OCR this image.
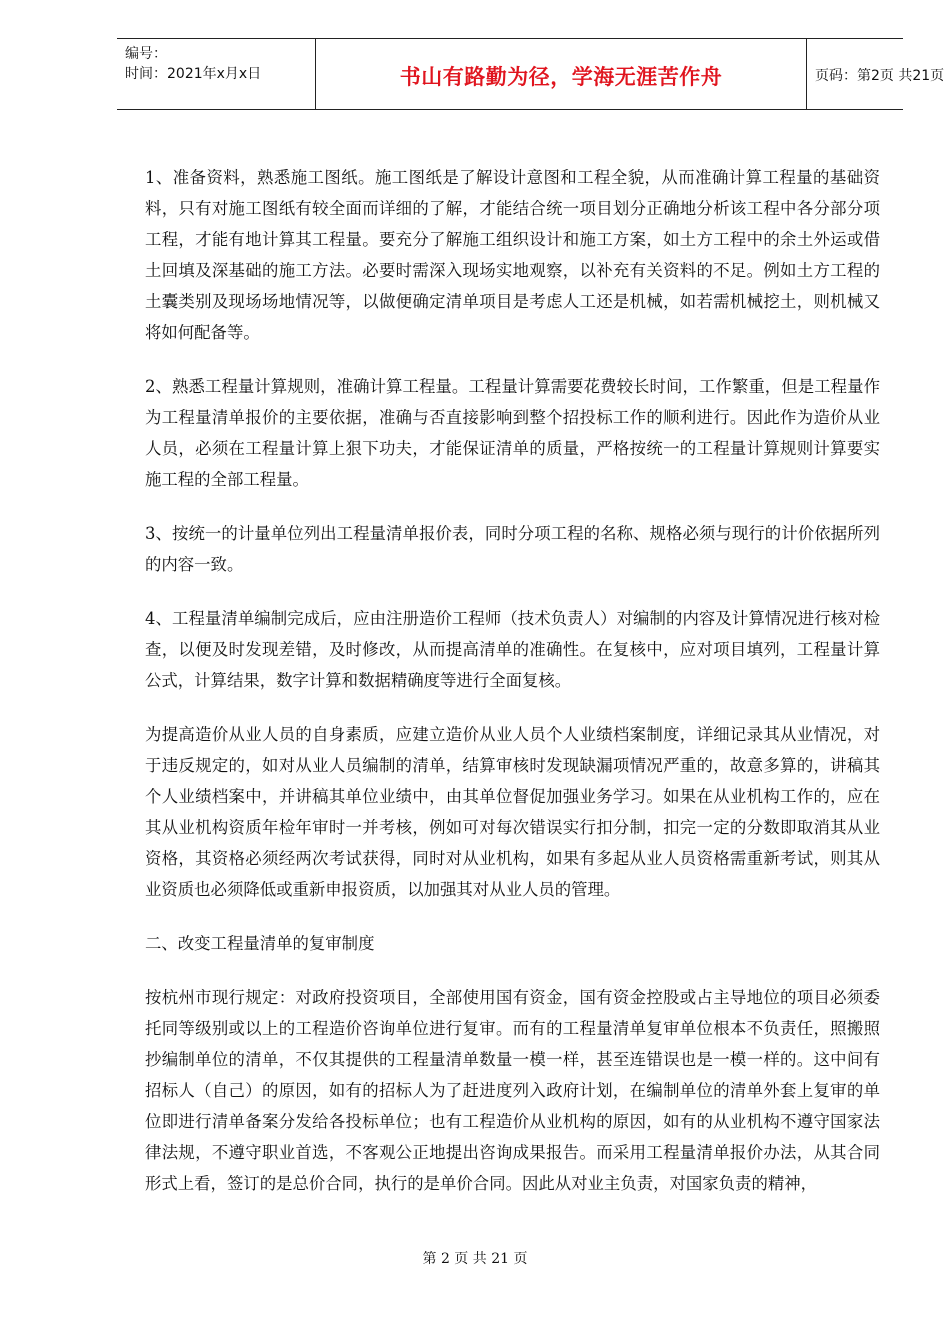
编号：
时间：2021年x月x日	书山有路勤为径，学海无涯苦作舟	页码：第2页 共21页

1、准备资料，熟悉施工图纸。施工图纸是了解设计意图和工程全貌，从而准确计算工程量的基础资料，只有对施工图纸有较全面而详细的了解，才能结合统一项目划分正确地分析该工程中各分部分项工程，才能有地计算其工程量。要充分了解施工组织设计和施工方案，如土方工程中的余土外运或借土回填及深基础的施工方法。必要时需深入现场实地观察，以补充有关资料的不足。例如土方工程的土囊类别及现场场地情况等，以做便确定清单项目是考虑人工还是机械，如若需机械挖土，则机械又将如何配备等。

2、熟悉工程量计算规则，准确计算工程量。工程量计算需要花费较长时间，工作繁重，但是工程量作为工程量清单报价的主要依据，准确与否直接影响到整个招投标工作的顺利进行。因此作为造价从业人员，必须在工程量计算上狠下功夫，才能保证清单的质量，严格按统一的工程量计算规则计算要实施工程的全部工程量。

3、按统一的计量单位列出工程量清单报价表，同时分项工程的名称、规格必须与现行的计价依据所列的内容一致。

4、工程量清单编制完成后，应由注册造价工程师（技术负责人）对编制的内容及计算情况进行核对检查，以便及时发现差错，及时修改，从而提高清单的准确性。在复核中，应对项目填列，工程量计算公式，计算结果，数字计算和数据精确度等进行全面复核。

为提高造价从业人员的自身素质，应建立造价从业人员个人业绩档案制度，详细记录其从业情况，对于违反规定的，如对从业人员编制的清单，结算审核时发现缺漏项情况严重的，故意多算的，讲稿其个人业绩档案中，并讲稿其单位业绩中，由其单位督促加强业务学习。如果在从业机构工作的，应在其从业机构资质年检年审时一并考核，例如可对每次错误实行扣分制，扣完一定的分数即取消其从业资格，其资格必须经两次考试获得，同时对从业机构，如果有多起从业人员资格需重新考试，则其从业资质也必须降低或重新申报资质，以加强其对从业人员的管理。

二、改变工程量清单的复审制度

按杭州市现行规定：对政府投资项目，全部使用国有资金，国有资金控股或占主导地位的项目必须委托同等级别或以上的工程造价咨询单位进行复审。而有的工程量清单复审单位根本不负责任，照搬照抄编制单位的清单，不仅其提供的工程量清单数量一模一样，甚至连错误也是一模一样的。这中间有招标人（自己）的原因，如有的招标人为了赶进度列入政府计划，在编制单位的清单外套上复审的单位即进行清单备案分发给各投标单位；也有工程造价从业机构的原因，如有的从业机构不遵守国家法律法规，不遵守职业首选，不客观公正地提出咨询成果报告。而采用工程量清单报价办法，从其合同形式上看，签订的是总价合同，执行的是单价合同。因此从对业主负责，对国家负责的精神，

第 2 页 共 21 页
